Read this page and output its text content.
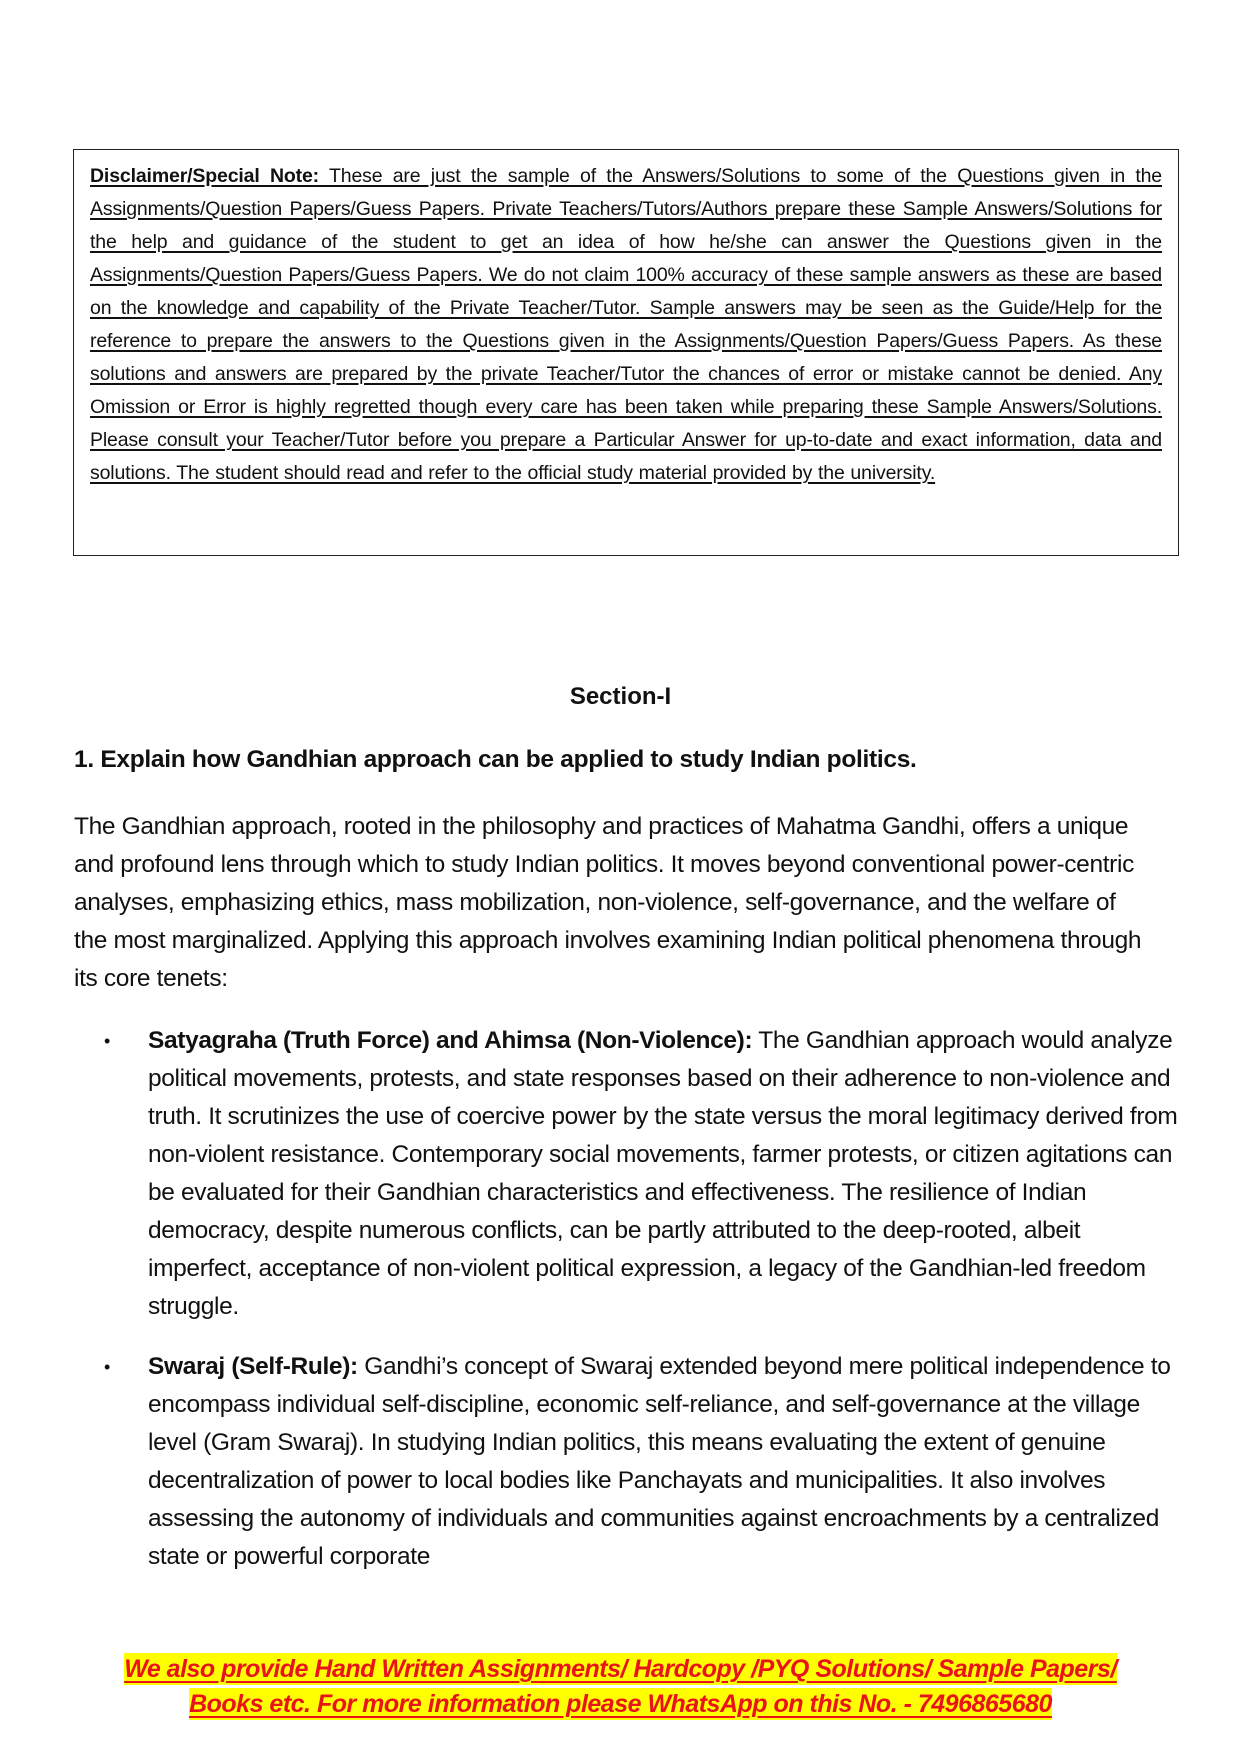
Disclaimer/Special Note: These are just the sample of the Answers/Solutions to some of the Questions given in the Assignments/Question Papers/Guess Papers. Private Teachers/Tutors/Authors prepare these Sample Answers/Solutions for the help and guidance of the student to get an idea of how he/she can answer the Questions given in the Assignments/Question Papers/Guess Papers. We do not claim 100% accuracy of these sample answers as these are based on the knowledge and capability of the Private Teacher/Tutor. Sample answers may be seen as the Guide/Help for the reference to prepare the answers to the Questions given in the Assignments/Question Papers/Guess Papers. As these solutions and answers are prepared by the private Teacher/Tutor the chances of error or mistake cannot be denied. Any Omission or Error is highly regretted though every care has been taken while preparing these Sample Answers/Solutions. Please consult your Teacher/Tutor before you prepare a Particular Answer for up-to-date and exact information, data and solutions. The student should read and refer to the official study material provided by the university.

Section-I
1. Explain how Gandhian approach can be applied to study Indian politics.

The Gandhian approach, rooted in the philosophy and practices of Mahatma Gandhi, offers a unique and profound lens through which to study Indian politics. It moves beyond conventional power-centric analyses, emphasizing ethics, mass mobilization, non-violence, self-governance, and the welfare of the most marginalized. Applying this approach involves examining Indian political phenomena through its core tenets:

• Satyagraha (Truth Force) and Ahimsa (Non-Violence): The Gandhian approach would analyze political movements, protests, and state responses based on their adherence to non-violence and truth. It scrutinizes the use of coercive power by the state versus the moral legitimacy derived from non-violent resistance. Contemporary social movements, farmer protests, or citizen agitations can be evaluated for their Gandhian characteristics and effectiveness. The resilience of Indian democracy, despite numerous conflicts, can be partly attributed to the deep-rooted, albeit imperfect, acceptance of non-violent political expression, a legacy of the Gandhian-led freedom struggle.
• Swaraj (Self-Rule): Gandhi’s concept of Swaraj extended beyond mere political independence to encompass individual self-discipline, economic self-reliance, and self-governance at the village level (Gram Swaraj). In studying Indian politics, this means evaluating the extent of genuine decentralization of power to local bodies like Panchayats and municipalities. It also involves assessing the autonomy of individuals and communities against encroachments by a centralized state or powerful corporate
We also provide Hand Written Assignments/ Hardcopy /PYQ Solutions/ Sample Papers/
Books etc. For more information please WhatsApp on this No. - 7496865680
